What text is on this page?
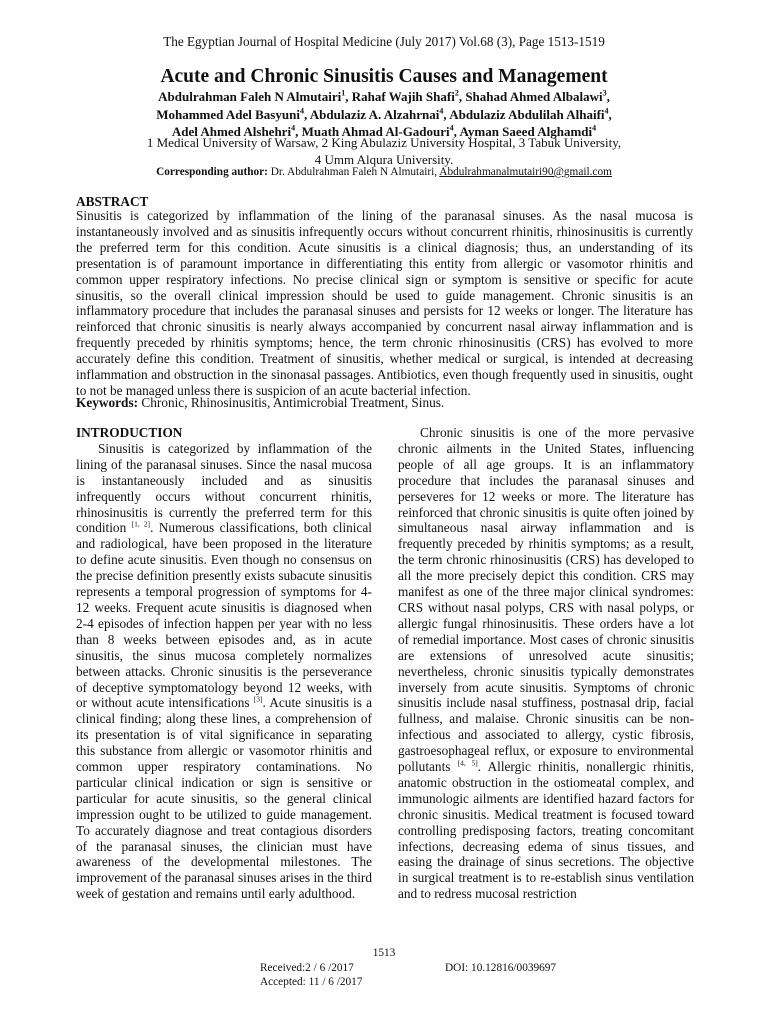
The Egyptian Journal of Hospital Medicine (July 2017) Vol.68 (3), Page 1513-1519
Acute and Chronic Sinusitis Causes and Management
Abdulrahman Faleh N Almutairi$^1$, Rahaf Wajih Shafi$^2$, Shahad Ahmed Albalawi$^3$,
Mohammed Adel Basyuni$^4$, Abdulaziz A. Alzahrnai$^4$, Abdulaziz Abdulilah Alhaifi$^4$,
Adel Ahmed Alshehri$^4$, Muath Ahmad Al-Gadouri$^4$, Ayman Saeed Alghamdi$^4$
1 Medical University of Warsaw, 2 King Abulaziz University Hospital, 3 Tabuk University,
4 Umm Alqura University.
Corresponding author: Dr. Abdulrahman Faleh N Almutairi, Abdulrahmanalmutairi90@gmail.com
ABSTRACT
Sinusitis is categorized by inflammation of the lining of the paranasal sinuses. As the nasal mucosa is instantaneously involved and as sinusitis infrequently occurs without concurrent rhinitis, rhinosinusitis is currently the preferred term for this condition. Acute sinusitis is a clinical diagnosis; thus, an understanding of its presentation is of paramount importance in differentiating this entity from allergic or vasomotor rhinitis and common upper respiratory infections. No precise clinical sign or symptom is sensitive or specific for acute sinusitis, so the overall clinical impression should be used to guide management. Chronic sinusitis is an inflammatory procedure that includes the paranasal sinuses and persists for 12 weeks or longer. The literature has reinforced that chronic sinusitis is nearly always accompanied by concurrent nasal airway inflammation and is frequently preceded by rhinitis symptoms; hence, the term chronic rhinosinusitis (CRS) has evolved to more accurately define this condition. Treatment of sinusitis, whether medical or surgical, is intended at decreasing inflammation and obstruction in the sinonasal passages. Antibiotics, even though frequently used in sinusitis, ought to not be managed unless there is suspicion of an acute bacterial infection.
Keywords: Chronic, Rhinosinusitis, Antimicrobial Treatment, Sinus.
INTRODUCTION

Sinusitis is categorized by inflammation of the lining of the paranasal sinuses. Since the nasal mucosa is instantaneously included and as sinusitis infrequently occurs without concurrent rhinitis, rhinosinusitis is currently the preferred term for this condition [1, 2]. Numerous classifications, both clinical and radiological, have been proposed in the literature to define acute sinusitis. Even though no consensus on the precise definition presently exists subacute sinusitis represents a temporal progression of symptoms for 4-12 weeks. Frequent acute sinusitis is diagnosed when 2-4 episodes of infection happen per year with no less than 8 weeks between episodes and, as in acute sinusitis, the sinus mucosa completely normalizes between attacks. Chronic sinusitis is the perseverance of deceptive symptomatology beyond 12 weeks, with or without acute intensifications [3]. Acute sinusitis is a clinical finding; along these lines, a comprehension of its presentation is of vital significance in separating this substance from allergic or vasomotor rhinitis and common upper respiratory contaminations. No particular clinical indication or sign is sensitive or particular for acute sinusitis, so the general clinical impression ought to be utilized to guide management. To accurately diagnose and treat contagious disorders of the paranasal sinuses, the clinician must have awareness of the developmental milestones. The improvement of the paranasal sinuses arises in the third week of gestation and remains until early adulthood.

Chronic sinusitis is one of the more pervasive chronic ailments in the United States, influencing people of all age groups. It is an inflammatory procedure that includes the paranasal sinuses and perseveres for 12 weeks or more. The literature has reinforced that chronic sinusitis is quite often joined by simultaneous nasal airway inflammation and is frequently preceded by rhinitis symptoms; as a result, the term chronic rhinosinusitis (CRS) has developed to all the more precisely depict this condition. CRS may manifest as one of the three major clinical syndromes: CRS without nasal polyps, CRS with nasal polyps, or allergic fungal rhinosinusitis. These orders have a lot of remedial importance. Most cases of chronic sinusitis are extensions of unresolved acute sinusitis; nevertheless, chronic sinusitis typically demonstrates inversely from acute sinusitis. Symptoms of chronic sinusitis include nasal stuffiness, postnasal drip, facial fullness, and malaise. Chronic sinusitis can be non-infectious and associated to allergy, cystic fibrosis, gastroesophageal reflux, or exposure to environmental pollutants [4, 5]. Allergic rhinitis, nonallergic rhinitis, anatomic obstruction in the ostiomeatal complex, and immunologic ailments are identified hazard factors for chronic sinusitis. Medical treatment is focused toward controlling predisposing factors, treating concomitant infections, decreasing edema of sinus tissues, and easing the drainage of sinus secretions. The objective in surgical treatment is to re-establish sinus ventilation and to redress mucosal restriction

1513
Received:2 / 6 /2017	DOI: 10.12816/0039697
Accepted: 11 / 6 /2017
